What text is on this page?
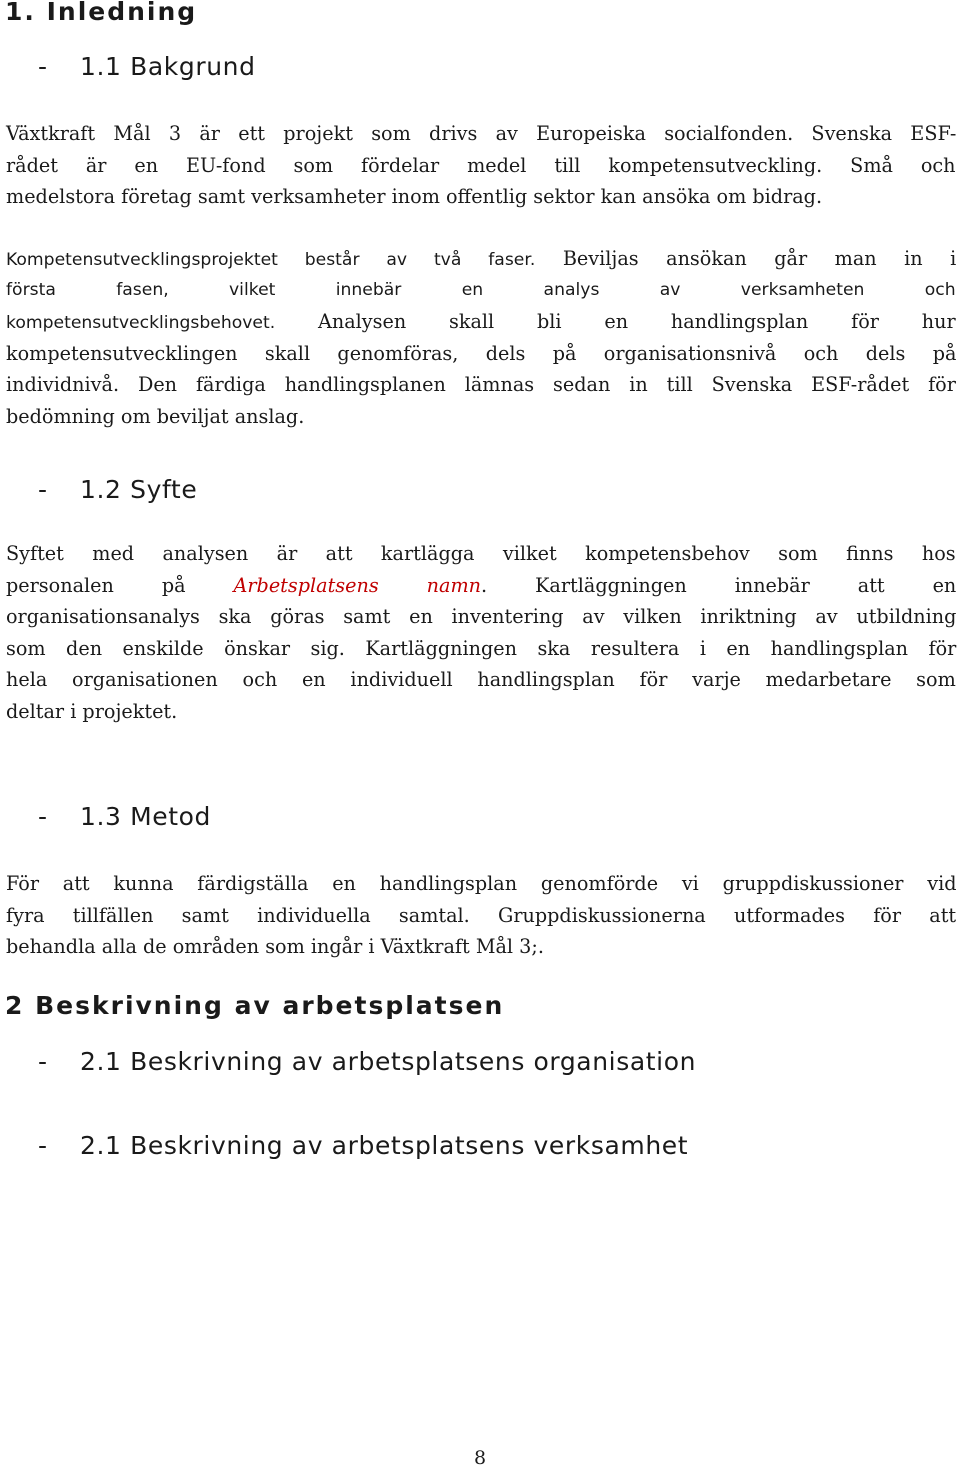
1. Inledning
- 1.1 Bakgrund
Växtkraft Mål 3 är ett projekt som drivs av Europeiska socialfonden. Svenska ESF-
rådet är en EU-fond som fördelar medel till kompetensutveckling. Små och
medelstora företag samt verksamheter inom offentlig sektor kan ansöka om bidrag.
Kompetensutvecklingsprojektet består av två faser. Beviljas ansökan går man in i
första fasen, vilket innebär en analys av verksamheten och
kompetensutvecklingsbehovet. Analysen skall bli en handlingsplan för hur
kompetensutvecklingen skall genomföras, dels på organisationsnivå och dels på
individnivå. Den färdiga handlingsplanen lämnas sedan in till Svenska ESF-rådet för
bedömning om beviljat anslag.
- 1.2 Syfte
Syftet med analysen är att kartlägga vilket kompetensbehov som finns hos
personalen på Arbetsplatsens namn. Kartläggningen innebär att en
organisationsanalys ska göras samt en inventering av vilken inriktning av utbildning
som den enskilde önskar sig. Kartläggningen ska resultera i en handlingsplan för
hela organisationen och en individuell handlingsplan för varje medarbetare som
deltar i projektet.
- 1.3 Metod
För att kunna färdigställa en handlingsplan genomförde vi gruppdiskussioner vid
fyra tillfällen samt individuella samtal. Gruppdiskussionerna utformades för att
behandla alla de områden som ingår i Växtkraft Mål 3;.
2 Beskrivning av arbetsplatsen
- 2.1 Beskrivning av arbetsplatsens organisation
- 2.1 Beskrivning av arbetsplatsens verksamhet
8
